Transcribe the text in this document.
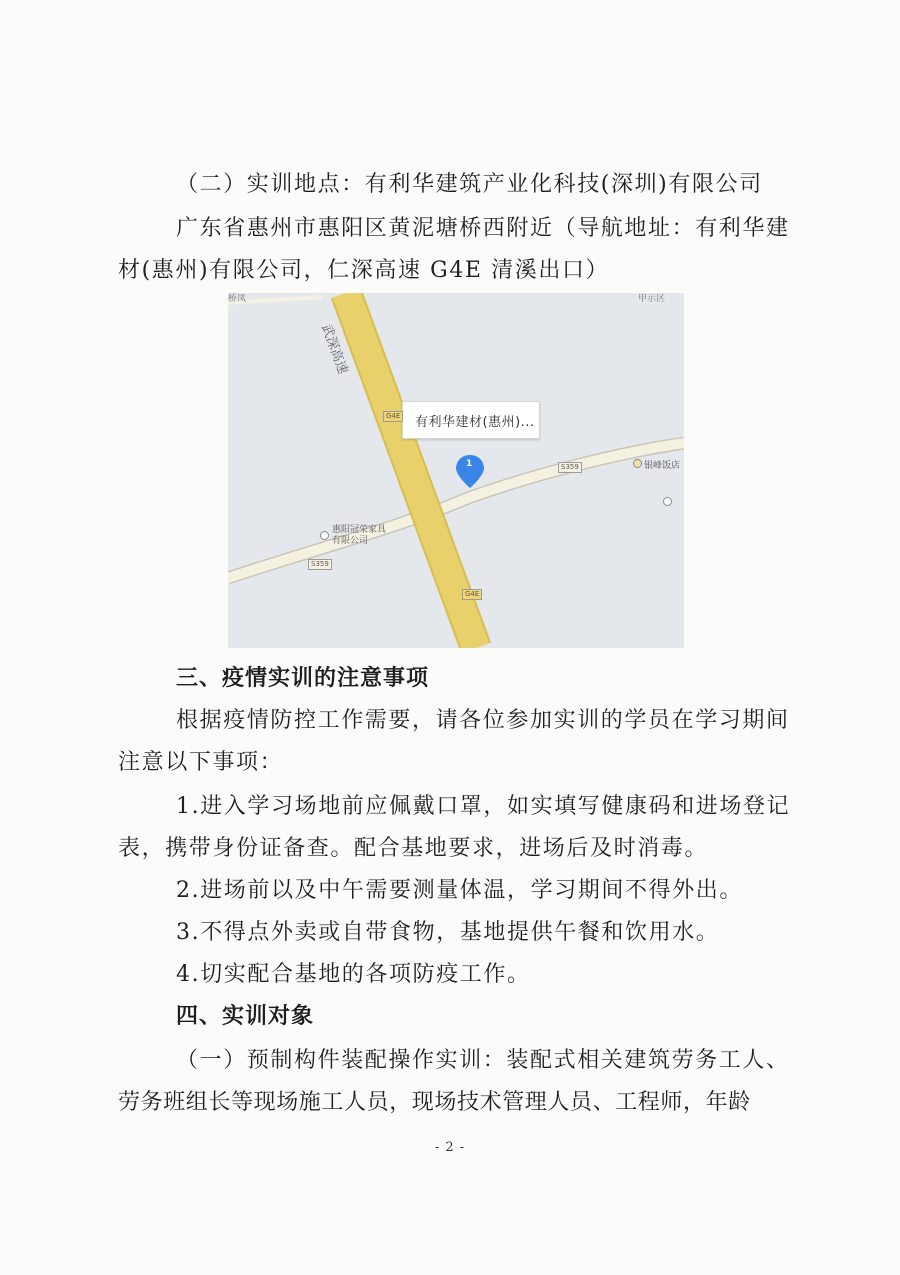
（二）实训地点：有利华建筑产业化科技(深圳)有限公司
广东省惠州市惠阳区黄泥塘桥西附近（导航地址：有利华建
材(惠州)有限公司，仁深高速 G4E 清溪出口）
武深高速
1
有利华建材(惠州)...
G4E
G4E
S359
S359
惠阳冠荣家具
有限公司
银峰饭店
桥凤	甲示区
三、疫情实训的注意事项
根据疫情防控工作需要，请各位参加实训的学员在学习期间
注意以下事项：
1.进入学习场地前应佩戴口罩，如实填写健康码和进场登记
表，携带身份证备查。配合基地要求，进场后及时消毒。
2.进场前以及中午需要测量体温，学习期间不得外出。
3.不得点外卖或自带食物，基地提供午餐和饮用水。
4.切实配合基地的各项防疫工作。
四、实训对象
（一）预制构件装配操作实训：装配式相关建筑劳务工人、
劳务班组长等现场施工人员，现场技术管理人员、工程师，年龄
- 2 -
